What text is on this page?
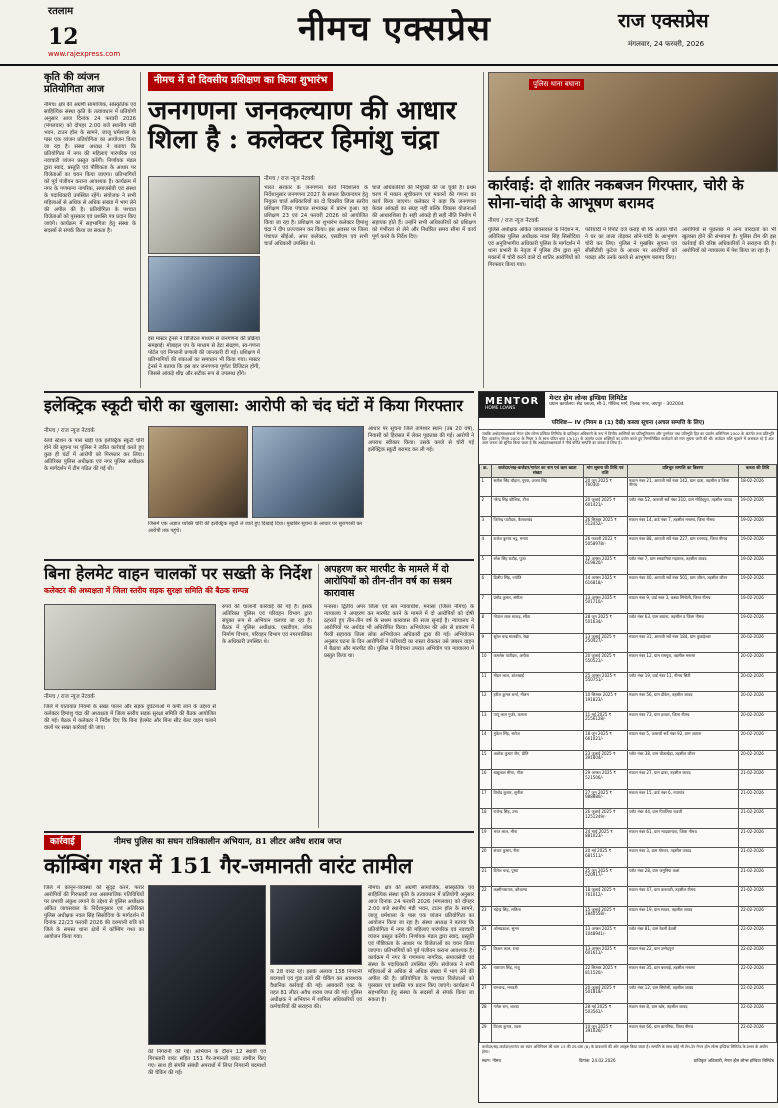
रतलाम
12
www.rajexpress.com
नीमच एक्सप्रेस	राज एक्सप्रेस
मंगलवार, 24 फरवरी, 2026
कृति की व्यंजन प्रतियोगिता आज
नीमच। क्षेत्र की अग्रणी सामाजिक, सांस्कृतिक एवं साहित्यिक संस्था कृति के तत्वावधान में प्रतियोगी अनुसार आज दिनांक 24 फरवरी 2026 (मंगलवार) को दोपहर 2:00 बजे स्थानीय मंडी भवन, टाउन हॉल के सामने, जाजू धर्मशाला के पास एक व्यंजन प्रतियोगिता का आयोजन किया जा रहा है। संस्था अध्यक्ष ने बताया कि प्रतियोगिता में नगर की महिलाएं पारंपरिक एवं नवाचारी व्यंजन प्रस्तुत करेंगी। निर्णायक मंडल द्वारा स्वाद, प्रस्तुति एवं पौष्टिकता के आधार पर विजेताओं का चयन किया जाएगा। प्रतिभागियों को पूर्व पंजीयन कराना आवश्यक है। कार्यक्रम में नगर के गणमान्य नागरिक, समाजसेवी एवं संस्था के पदाधिकारी उपस्थित रहेंगे। संयोजक ने सभी महिलाओं से अधिक से अधिक संख्या में भाग लेने की अपील की है। प्रतियोगिता के पश्चात विजेताओं को पुरस्कार एवं प्रशस्ति पत्र प्रदान किए जाएंगे। कार्यक्रम में सहभागिता हेतु संस्था के सदस्यों से संपर्क किया जा सकता है।
नीमच में दो दिवसीय प्रशिक्षण का किया शुभारंभ
जनगणना जनकल्याण की आधार शिला है : कलेक्टर हिमांशु चंद्रा
नीमच / राज न्यूज नेटवर्क
भारत सरकार के जनगणना कार्य निदेशालय के निर्देशानुसार जनगणना 2027 के सफल क्रियान्वयन हेतु नियुक्त चार्ज अधिकारियों का दो दिवसीय जिला स्तरीय प्रशिक्षण जिला पंचायत सभाकक्ष में प्रारंभ हुआ। यह प्रशिक्षण 23 एवं 24 फरवरी 2026 को आयोजित किया जा रहा है। प्रशिक्षण का शुभारंभ कलेक्टर हिमांशु चंद्रा ने दीप प्रज्ज्वलन कर किया। इस अवसर पर जिला पंचायत सीईओ, अपर कलेक्टर, एसडीएम एवं सभी चार्ज अधिकारी उपस्थित थे।
चार्ज अधिकारियों की नियुक्ति की जा चुकी है। प्रथम चरण में मकान सूचीकरण एवं मकानों की गणना का कार्य किया जाएगा। कलेक्टर ने कहा कि जनगणना केवल आंकड़ों का संग्रह नहीं बल्कि विकास योजनाओं की आधारशिला है। सही आंकड़े ही सही नीति निर्माण में सहायक होते हैं। उन्होंने सभी अधिकारियों को प्रशिक्षण को गंभीरता से लेने और निर्धारित समय सीमा में कार्य पूर्ण करने के निर्देश दिए।
इस मास्टर ट्रेनर्स ने डिजिटल माध्यम से जनगणना की प्रक्रिया समझाई। मोबाइल एप के माध्यम से डेटा संग्रहण, स्व-गणना पोर्टल एवं निगरानी प्रणाली की जानकारी दी गई। प्रशिक्षण में प्रतिभागियों की शंकाओं का समाधान भी किया गया। मास्टर ट्रेनर्स ने बताया कि इस बार जनगणना पूर्णतः डिजिटल होगी, जिससे आंकड़े शीघ्र और सटीक रूप से उपलब्ध होंगे।
पुलिस थाना बघाना
कार्रवाई: दो शातिर नकबजन गिरफ्तार, चोरी के सोना-चांदी के आभूषण बरामद
नीमच / राज न्यूज नेटवर्क
पुलिस अधीक्षक अंकित जायसवाल के निर्देशन में, अतिरिक्त पुलिस अधीक्षक नवल सिंह सिसोदिया एवं अनुविभागीय अधिकारी पुलिस के मार्गदर्शन में थाना प्रभारी के नेतृत्व में पुलिस टीम द्वारा सूने मकानों में चोरी करने वाले दो शातिर आरोपियों को गिरफ्तार किया गया।
फरियादी ने रिपोर्ट दर्ज कराई थी कि अज्ञात चोरों ने घर का ताला तोड़कर सोने-चांदी के आभूषण चोरी कर लिए। पुलिस ने मुखबिर सूचना एवं सीसीटीवी फुटेज के आधार पर आरोपियों को पकड़ा और उनके कब्जे से आभूषण बरामद किए।
आरोपियों से पूछताछ में अन्य वारदातों का भी खुलासा होने की संभावना है। पुलिस टीम की इस कार्रवाई की वरिष्ठ अधिकारियों ने सराहना की है। आरोपियों को न्यायालय में पेश किया जा रहा है।
इलेक्ट्रिक स्कूटी चोरी का खुलासा: आरोपी को चंद घंटों में किया गिरफ्तार
नीमच / राज न्यूज नेटवर्क
रेलवे स्टेशन के पास खड़ी एक इलेक्ट्रिक स्कूटी चोरी होने की सूचना पर पुलिस ने त्वरित कार्रवाई करते हुए कुछ ही घंटों में आरोपी को गिरफ्तार कर लिया। अतिरिक्त पुलिस अधीक्षक एवं नगर पुलिस अधीक्षक के मार्गदर्शन में टीम गठित की गई थी।
जिसमें एक अज्ञात व्यक्ति चोरी की इलेक्ट्रिक स्कूटी ले जाते हुए दिखाई दिया। मुखबिर सूचना के आधार पर सुरागरसी कर आरोपी तक पहुंचे।
आधार पर सूचना जिले तापेश्वर स्थान (उम्र 20 वर्ष), निवासी को हिरासत में लेकर पूछताछ की गई। आरोपी ने अपराध स्वीकार किया। उसके कब्जे से चोरी गई इलेक्ट्रिक स्कूटी बरामद कर ली गई।
बिना हेलमेट वाहन चालकों पर सख्ती के निर्देश
कलेक्टर की अध्यक्षता में जिला स्तरीय सड़क सुरक्षा समिति की बैठक सम्पन्न
नीमच / राज न्यूज नेटवर्क
जिले में यातायात नियमों के सख्त पालन और सड़क दुर्घटनाओं में कमी लाने के उद्देश्य से कलेक्टर हिमांशु चंद्रा की अध्यक्षता में जिला स्तरीय सड़क सुरक्षा समिति की बैठक आयोजित की गई। बैठक में कलेक्टर ने निर्देश दिए कि बिना हेलमेट और बिना सीट बेल्ट वाहन चलाने वालों पर सख्त कार्रवाई की जाए।
रुपये की चालानी कार्रवाई की गई है। इसके अतिरिक्त पुलिस एवं परिवहन विभाग द्वारा संयुक्त रूप से अभियान चलाया जा रहा है। बैठक में पुलिस अधीक्षक, एसडीएम, लोक निर्माण विभाग, परिवहन विभाग एवं नगरपालिका के अधिकारी उपस्थित थे।
अपहरण कर मारपीट के मामले में दो आरोपियों को तीन-तीन वर्ष का सश्रम कारावास
मनासा। द्वितीय अपर जिला एवं सत्र न्यायाधीश, मनासा (जिला नीमच) के न्यायालय ने अपहरण कर मारपीट करने के मामले में दो आरोपियों को दोषी ठहराते हुए तीन-तीन वर्ष के सश्रम कारावास की सजा सुनाई है। न्यायालय ने आरोपियों पर अर्थदंड भी अधिरोपित किया। अभियोजन की ओर से प्रकरण में पैरवी सहायक जिला लोक अभियोजन अधिकारी द्वारा की गई। अभियोजन अनुसार घटना के दिन आरोपियों ने फरियादी का रास्ता रोककर उसे जबरन वाहन में बैठाया और मारपीट की। पुलिस ने विवेचना उपरांत अभियोग पत्र न्यायालय में प्रस्तुत किया था।
कार्रवाई	नीमच पुलिस का सघन रात्रिकालीन अभियान, 81 लीटर अवैध शराब जप्त
कॉम्बिंग गश्त में 151 गैर-जमानती वारंट तामील
जिले में कानून-व्यवस्था को सुदृढ़ करने, फरार आरोपियों की गिरफ्तारी तथा असामाजिक गतिविधियों पर प्रभावी अंकुश लगाने के उद्देश्य से पुलिस अधीक्षक अंकित जायसवाल के निर्देशानुसार एवं अतिरिक्त पुलिस अधीक्षक नवल सिंह सिसोदिया के मार्गदर्शन में दिनांक 22/23 फरवरी 2026 की दरम्यानी रात्रि को जिले के समस्त थाना क्षेत्रों में कॉम्बिंग गश्त का आयोजन किया गया।
की निगरानी की गई। अभियान के दौरान 12 स्थायी एवं गिरफ्तारी वारंट सहित 151 गैर-जमानती वारंट तामील किए गए। साथ ही संपत्ति संबंधी अपराधों में लिप्त निगरानी बदमाशों की चेकिंग की गई।
के 28 वारंट रहे। इसके अलावा 138 निगरानी बदमाशों एवं गुंडा तत्वों की चेकिंग कर आवश्यक वैधानिक कार्रवाई की गई। आबकारी एक्ट के तहत 81 लीटर अवैध शराब जप्त की गई। पुलिस अधीक्षक ने अभियान में शामिल अधिकारियों एवं कर्मचारियों की सराहना की।
नीमच। क्षेत्र की अग्रणी सामाजिक, सांस्कृतिक एवं साहित्यिक संस्था कृति के तत्वावधान में प्रतियोगी अनुसार आज दिनांक 24 फरवरी 2026 (मंगलवार) को दोपहर 2:00 बजे स्थानीय मंडी भवन, टाउन हॉल के सामने, जाजू धर्मशाला के पास एक व्यंजन प्रतियोगिता का आयोजन किया जा रहा है। संस्था अध्यक्ष ने बताया कि प्रतियोगिता में नगर की महिलाएं पारंपरिक एवं नवाचारी व्यंजन प्रस्तुत करेंगी। निर्णायक मंडल द्वारा स्वाद, प्रस्तुति एवं पौष्टिकता के आधार पर विजेताओं का चयन किया जाएगा। प्रतिभागियों को पूर्व पंजीयन कराना आवश्यक है। कार्यक्रम में नगर के गणमान्य नागरिक, समाजसेवी एवं संस्था के पदाधिकारी उपस्थित रहेंगे। संयोजक ने सभी महिलाओं से अधिक से अधिक संख्या में भाग लेने की अपील की है। प्रतियोगिता के पश्चात विजेताओं को पुरस्कार एवं प्रशस्ति पत्र प्रदान किए जाएंगे। कार्यक्रम में सहभागिता हेतु संस्था के सदस्यों से संपर्क किया जा सकता है।
MENTOR
HOME LOANS
मेन्टर होम लोन्स इण्डिया लिमिटेड
प्रधान कार्यालय: सेठ प्लाजा, सी-1, गोविन्द मार्ग, तिलक नगर, जयपुर - 302004
परिशिष्ट— IV (नियम 8 (1) देखें) कब्जा सूचना (अचल सम्पत्ति के लिए)
जबकि अधोहस्ताक्षरकर्ता मेन्टर होम लोन्स इण्डिया लिमिटेड के प्राधिकृत अधिकारी के रूप में वित्तीय आस्तियों का प्रतिभूतिकरण और पुनर्गठन तथा प्रतिभूति हित का प्रवर्तन अधिनियम 2002 के अंतर्गत तथा प्रतिभूति हित (प्रवर्तन) नियम 2002 के नियम 3 के साथ पठित धारा 13(12) के अंतर्गत प्रदत्त शक्तियों का प्रयोग करते हुए निम्नलिखित कर्जदारों को मांग सूचना जारी की थी। कर्जदार राशि चुकाने में असफल रहे हैं अतः आम जनता को सूचित किया जाता है कि अधोहस्ताक्षरकर्ता ने नीचे वर्णित सम्पत्ति का कब्जा ले लिया है।
क्र.	कर्जदार/सह-कर्जदार/गारंटर का नाम एवं ऋण खाता संख्या	मांग सूचना की तिथि एवं राशि	प्रतिभूत सम्पत्ति का विवरण	कब्जा की तिथि
1	सतीश सिंह चौहान, पुष्पा, अजय सिंह	20 जून 2025 ₹ 76030/-	मकान नंबर 21, आराजी सर्वे नंबर 142, ग्राम दाता, तहसील व जिला नीमच	18-02-2026
2	नरेन्द्र सिंह कौशिक, टीना	20 जुलाई 2025 ₹ 601421/-	प्लॉट नंबर 52, आराजी सर्वे नंबर 310, ग्राम गोविंदपुरा, तहसील जावद	19-02-2026
3	जितेन्द्र पाटीदार, कैलाशचंद	26 सितंबर 2025 ₹ 512452/-	मकान नंबर 14, वार्ड नंबर 7, तहसील मनासा, जिला नीमच	19-02-2026
4	राजेश कुमार भट्ट, ममता	26 फरवरी 2022 ₹ 5058978/-	मकान नंबर 88, आराजी सर्वे नंबर 227, ग्राम रतनगढ़, जिला नीमच	19-02-2026
5	रमेश सिंह राठौड़, पूजा	12 अगस्त 2025 ₹ 619820/-	प्लॉट नंबर 7, ग्राम सरवानिया महाराज, तहसील जावद	19-02-2026
6	दिलीप सिंह, ज्योति	14 अगस्त 2025 ₹ 616818/-	मकान नंबर 40, आराजी सर्वे नंबर 501, ग्राम जीरन, तहसील जीरन	19-02-2026
7	प्रमोद कुमार, संगीता	13 अगस्त 2025 ₹ 501710/-	मकान नंबर 9, वार्ड नंबर 3, कस्बा सिंगोली, जिला नीमच	19-02-2026
8	गोपाल लाल धाकड़, सीता	28 जून 2025 ₹ 501634/-	प्लॉट नंबर 63, ग्राम बघाना, तहसील व जिला नीमच	19-02-2026
9	सुरेश चन्द्र मालवीय, रेखा	13 जुलाई 2025 ₹ 250427/-	मकान नंबर 31, आराजी सर्वे नंबर 184, ग्राम कुकड़ेश्वर	20-02-2026
10	कमलेश पाटीदार, अनीता	20 जुलाई 2025 ₹ 550521/-	मकान नंबर 12, ग्राम रामपुरा, तहसील मनासा	20-02-2026
11	मोहन लाल, शांताबाई	25 अगस्त 2025 ₹ 550751/-	प्लॉट नंबर 19, वार्ड नंबर 11, नीमच सिटी	20-02-2026
12	हरीश कुमार शर्मा, नीलम	10 सितंबर 2025 ₹ 191823/-	मकान नंबर 56, ग्राम डीकेन, तहसील जावद	20-02-2026
13	पप्पू लाल गुर्जर, कमला	11 मई 2025 ₹ 2156128/-	मकान नंबर 73, ग्राम हरवार, जिला नीमच	20-02-2026
14	मुकेश सिंह, सरोज	18 जून 2025 ₹ 661021/-	मकान नंबर 5, आराजी सर्वे नंबर 92, ग्राम अठाना	20-02-2026
15	अशोक कुमार जैन, प्रीति	23 जुलाई 2025 ₹ 391804/-	प्लॉट नंबर 38, ग्राम चीताखेड़ा, तहसील जीरन	20-02-2026
16	बाबूलाल मीणा, गीता	29 अगस्त 2025 ₹ 521506/-	मकान नंबर 27, ग्राम ढाबा, तहसील जावद	21-02-2026
17	विनोद कुमार, सुनीता	27 जून 2025 ₹ 988880/-	मकान नंबर 15, वार्ड नंबर 6, नयागांव	21-02-2026
18	राजेन्द्र सिंह, उषा	26 जुलाई 2025 ₹ 1251249/-	प्लॉट नंबर 44, ग्राम पिपलिया रावजी	21-02-2026
19	भरत लाल, मीना	24 मार्च 2025 ₹ 881023/-	मकान नंबर 61, ग्राम भादवामाता, जिला नीमच	21-02-2026
20	संजय कुमार, रीना	20 मई 2025 ₹ 681511/-	मकान नंबर 3, ग्राम मोरवन, तहसील जावद	21-02-2026
21	दिनेश चन्द्र, पुष्पा	25 जून 2025 ₹ 520917/-	प्लॉट नंबर 28, ग्राम जमुनिया कलां	21-02-2026
22	लक्ष्मीनारायण, कौशल्या	18 जुलाई 2025 ₹ 761012/-	मकान नंबर 47, ग्राम कनावटी, तहसील नीमच	21-02-2026
23	महेन्द्र सिंह, ललिता	15 जुलाई 2025 ₹ 1840558/-	मकान नंबर 19, ग्राम सावन, तहसील जावद	22-02-2026
24	ओमप्रकाश, सुमन	13 अगस्त 2025 ₹ 1048941/-	प्लॉट नंबर 81, ग्राम रेवली देवली	22-02-2026
25	किशन लाल, राधा	13 अगस्त 2025 ₹ 601611/-	मकान नंबर 22, ग्राम उम्मेदपुरा	22-02-2026
26	नारायण सिंह, मंजू	22 सितंबर 2025 ₹ 811520/-	मकान नंबर 35, ग्राम बरलाई, तहसील मनासा	22-02-2026
27	रामचन्द्र, भगवती	20 जुलाई 2025 ₹ 501818/-	प्लॉट नंबर 12, ग्राम सिंगोली, तहसील जावद	22-02-2026
28	गणेश राम, शारदा	28 मई 2025 ₹ 503561/-	मकान नंबर 8, ग्राम खोर, तहसील जावद	22-02-2026
29	विजय कुमार, रचना	10 जून 2025 ₹ 391026/-	मकान नंबर 66, ग्राम बामनिया, जिला नीमच	22-02-2026
कर्जदार/सह-कर्जदार/गारंटर का ध्यान अधिनियम की धारा 13 की उप-धारा (8) के प्रावधानों की ओर आकृष्ट किया जाता है। सम्पत्ति के साथ कोई भी लेन-देन मेन्टर होम लोन्स इण्डिया लिमिटेड के प्रभार के अधीन होगा।
स्थान: नीमच	दिनांक: 24.02.2026	प्राधिकृत अधिकारी, मेन्टर होम लोन्स इण्डिया लिमिटेड
